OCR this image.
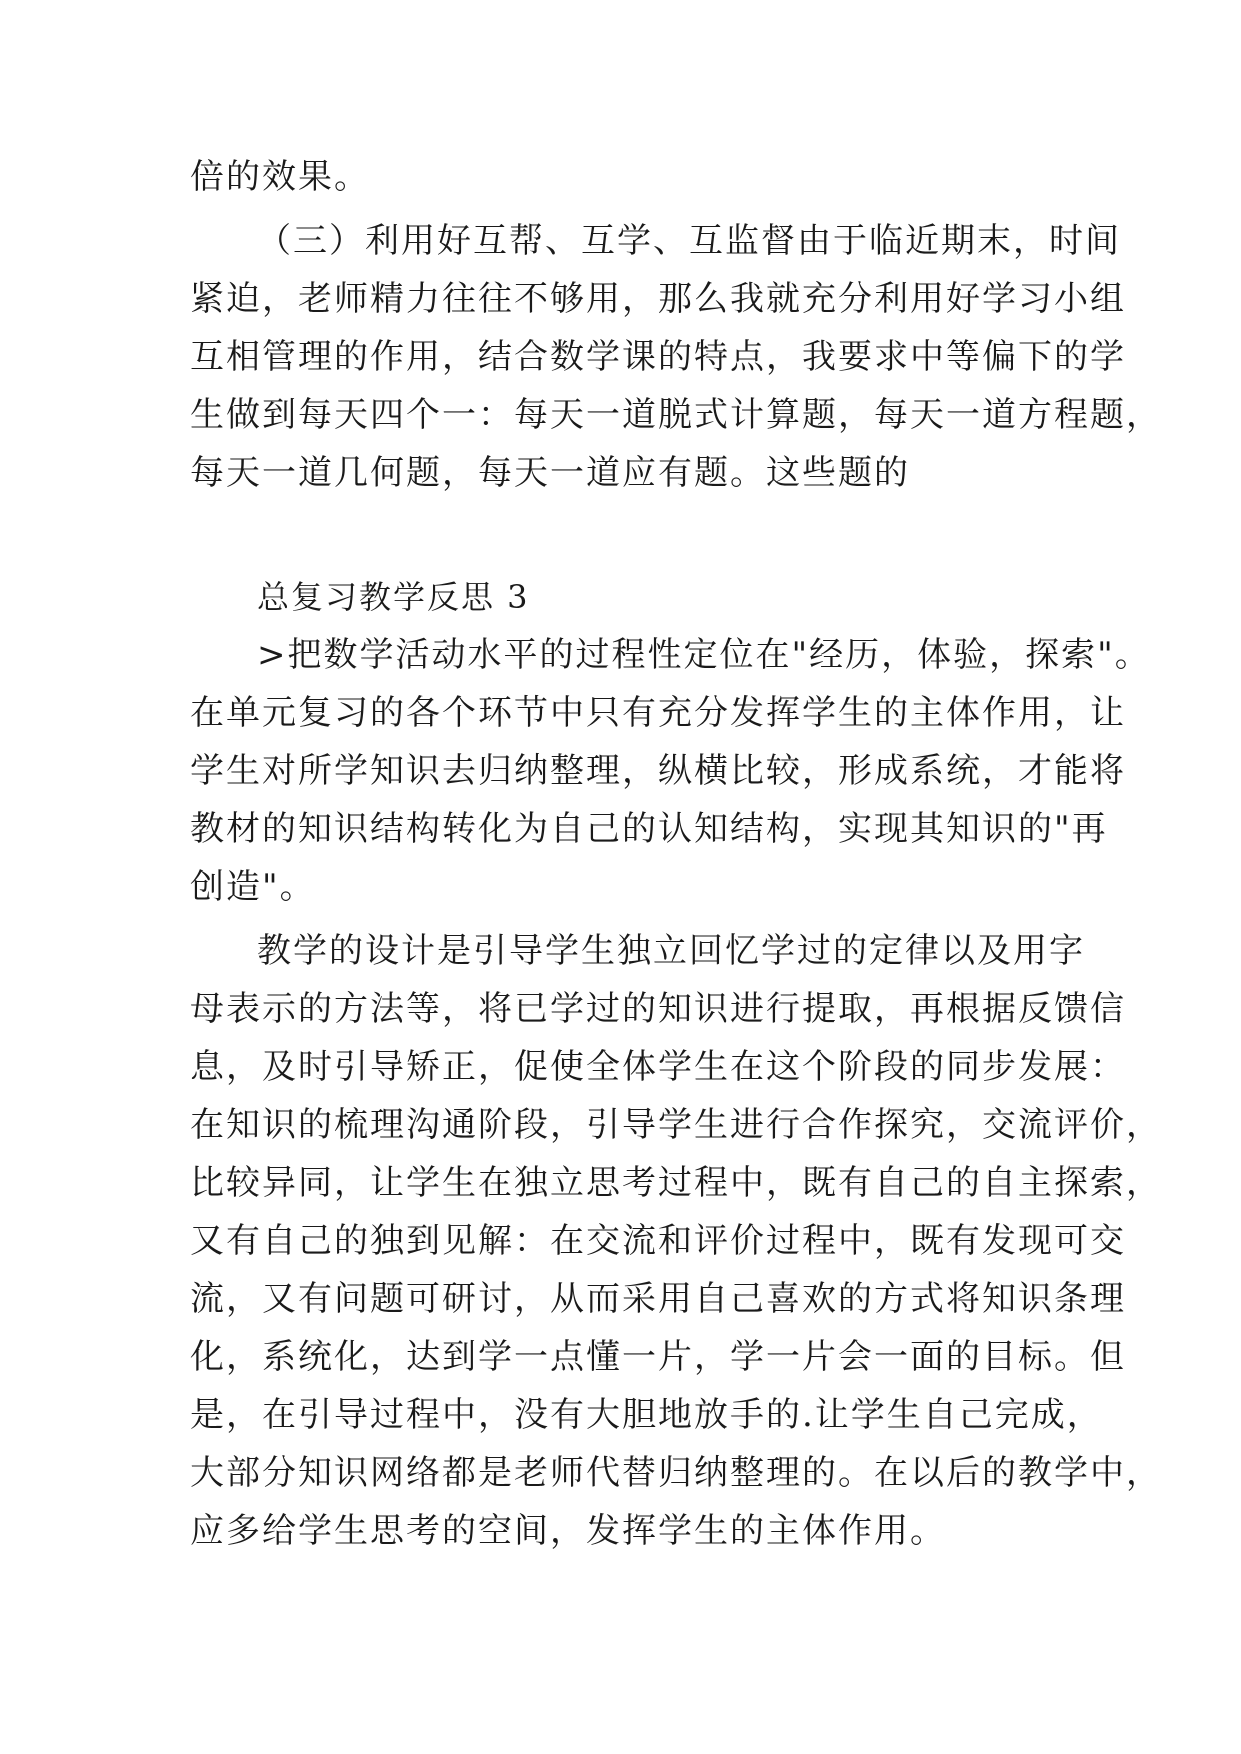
倍的效果。
（三）利用好互帮、互学、互监督由于临近期末，时间
紧迫，老师精力往往不够用，那么我就充分利用好学习小组
互相管理的作用，结合数学课的特点，我要求中等偏下的学
生做到每天四个一：每天一道脱式计算题，每天一道方程题，
每天一道几何题，每天一道应有题。这些题的
总复习教学反思 3
>把数学活动水平的过程性定位在"经历，体验，探索"。
在单元复习的各个环节中只有充分发挥学生的主体作用，让
学生对所学知识去归纳整理，纵横比较，形成系统，才能将
教材的知识结构转化为自己的认知结构，实现其知识的"再
创造"。
教学的设计是引导学生独立回忆学过的定律以及用字
母表示的方法等，将已学过的知识进行提取，再根据反馈信
息，及时引导矫正，促使全体学生在这个阶段的同步发展：
在知识的梳理沟通阶段，引导学生进行合作探究，交流评价，
比较异同，让学生在独立思考过程中，既有自己的自主探索，
又有自己的独到见解：在交流和评价过程中，既有发现可交
流，又有问题可研讨，从而采用自己喜欢的方式将知识条理
化，系统化，达到学一点懂一片，学一片会一面的目标。但
是，在引导过程中，没有大胆地放手的.让学生自己完成，
大部分知识网络都是老师代替归纳整理的。在以后的教学中，
应多给学生思考的空间，发挥学生的主体作用。
